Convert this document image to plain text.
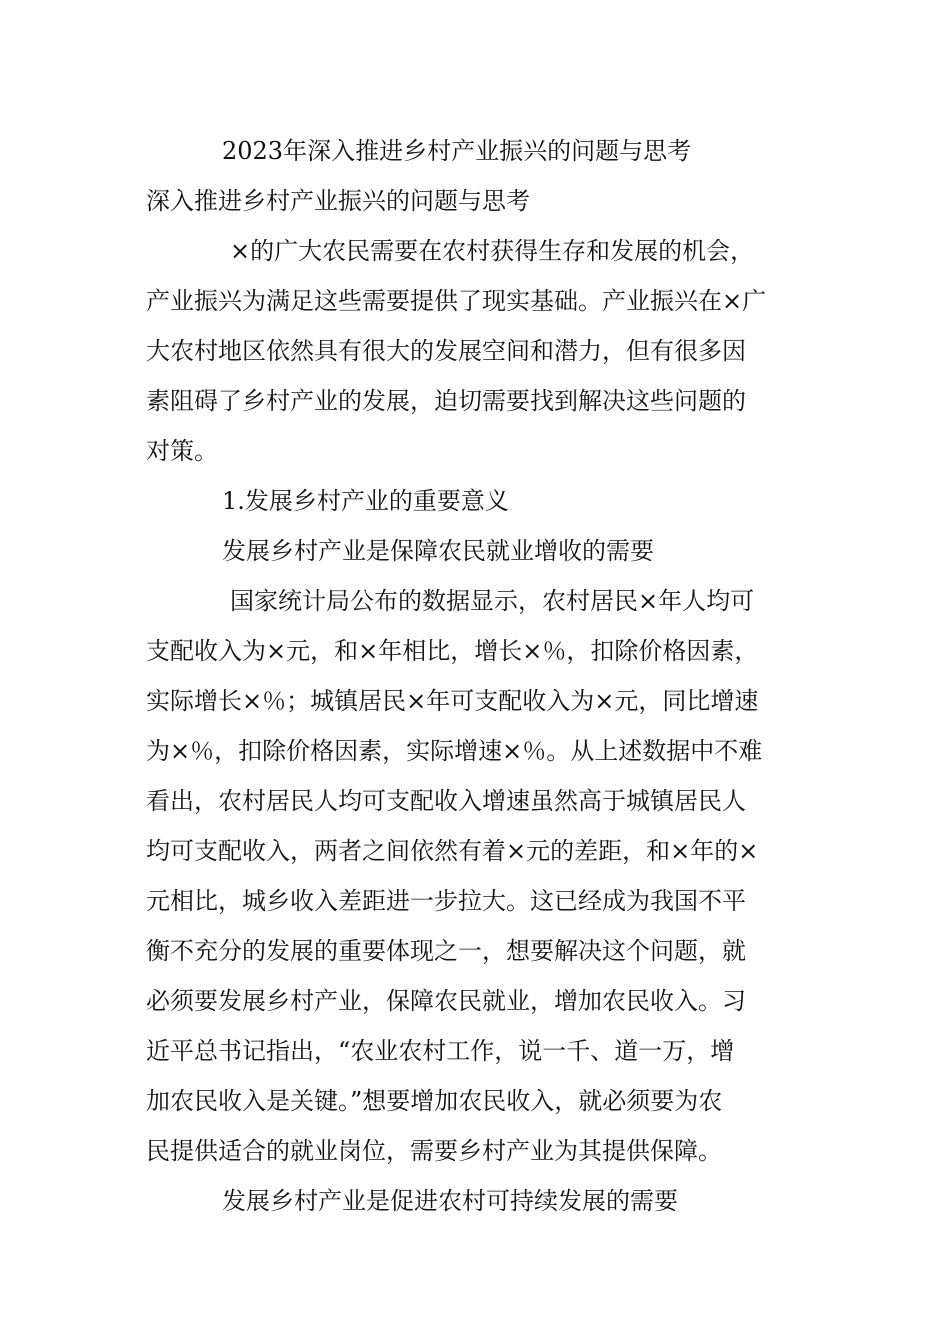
2023年深入推进乡村产业振兴的问题与思考
深入推进乡村产业振兴的问题与思考
×的广大农民需要在农村获得生存和发展的机会，
产业振兴为满足这些需要提供了现实基础。产业振兴在×广
大农村地区依然具有很大的发展空间和潜力，但有很多因
素阻碍了乡村产业的发展，迫切需要找到解决这些问题的
对策。
1.发展乡村产业的重要意义
发展乡村产业是保障农民就业增收的需要
国家统计局公布的数据显示，农村居民×年人均可
支配收入为×元，和×年相比，增长×％，扣除价格因素，
实际增长×％；城镇居民×年可支配收入为×元，同比增速
为×％，扣除价格因素，实际增速×％。从上述数据中不难
看出，农村居民人均可支配收入增速虽然高于城镇居民人
均可支配收入，两者之间依然有着×元的差距，和×年的×
元相比，城乡收入差距进一步拉大。这已经成为我国不平
衡不充分的发展的重要体现之一，想要解决这个问题，就
必须要发展乡村产业，保障农民就业，增加农民收入。习
近平总书记指出，“农业农村工作，说一千、道一万，增
加农民收入是关键。”想要增加农民收入，就必须要为农
民提供适合的就业岗位，需要乡村产业为其提供保障。
发展乡村产业是促进农村可持续发展的需要
